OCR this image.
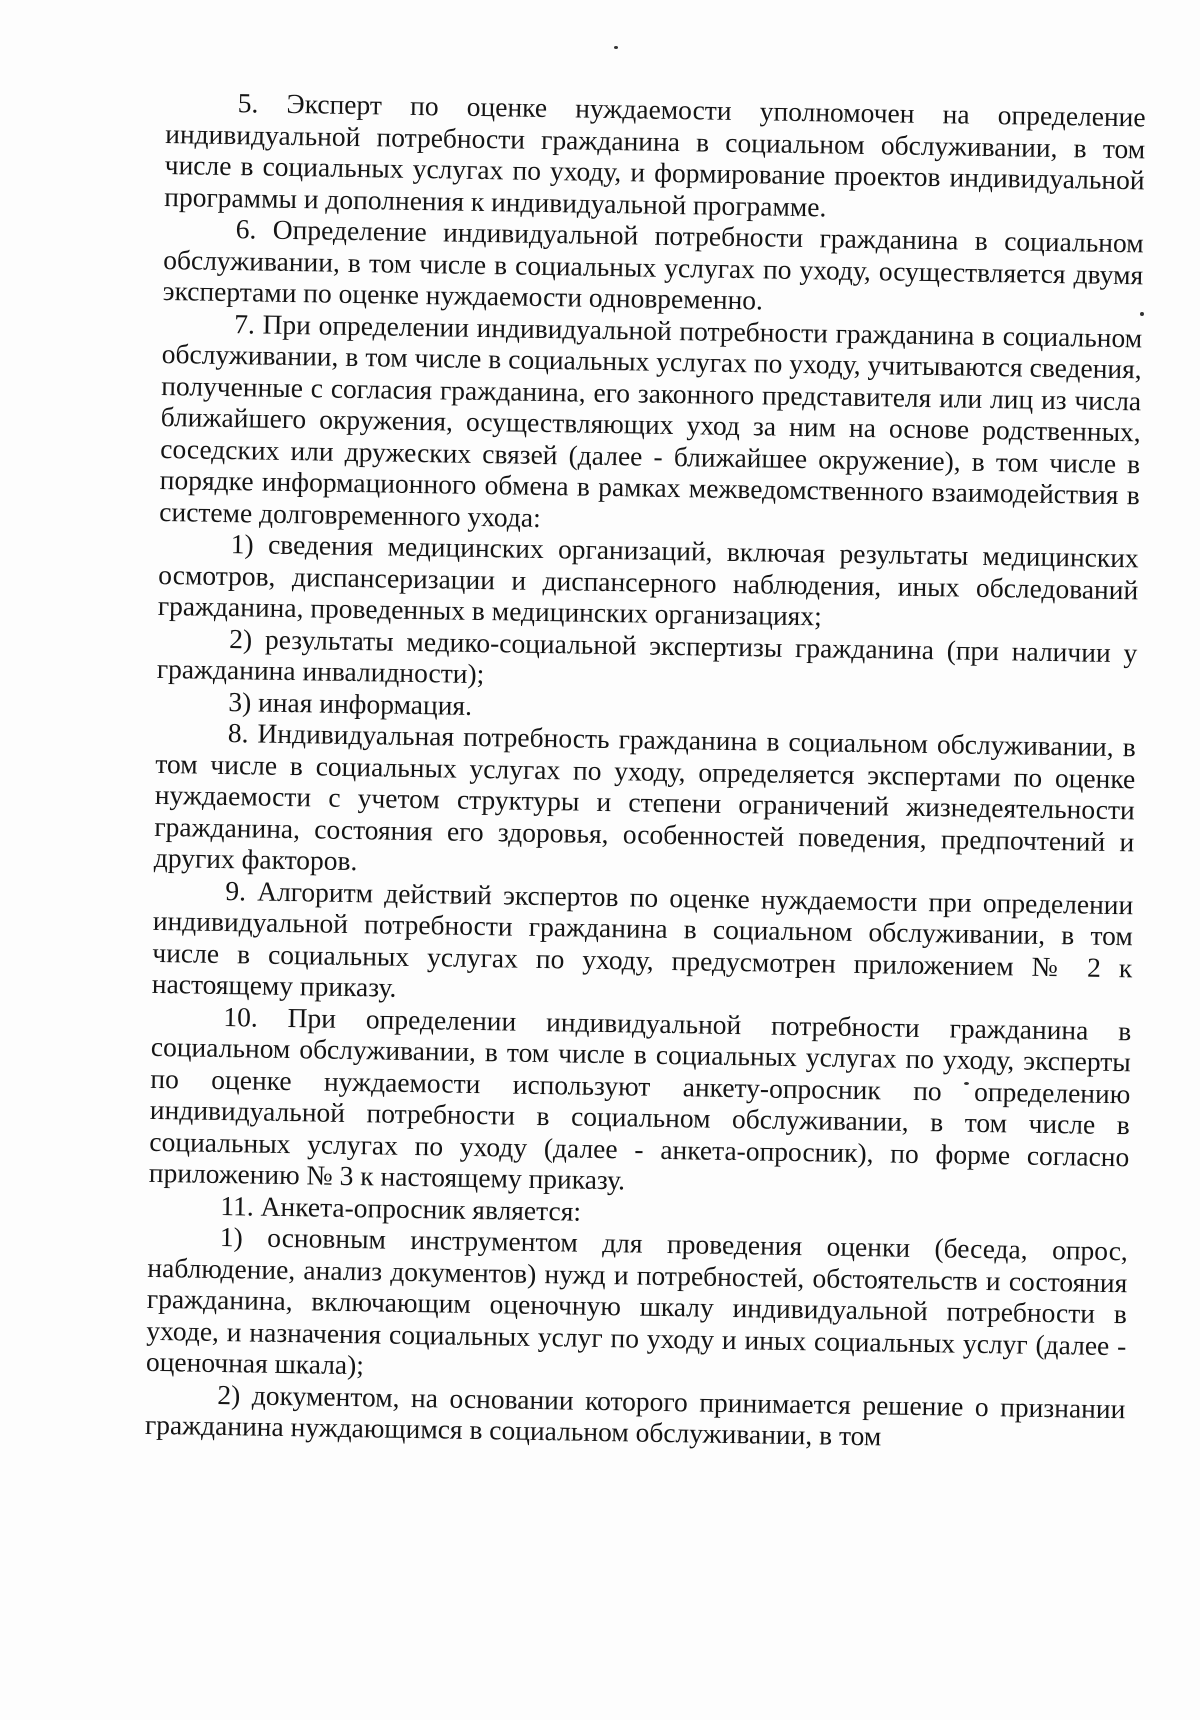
5. Эксперт по оценке нуждаемости уполномочен на определение индивидуальной потребности гражданина в социальном обслуживании, в том числе в социальных услугах по уходу, и формирование проектов индивидуальной программы и дополнения к индивидуальной программе.

6. Определение индивидуальной потребности гражданина в социальном обслуживании, в том числе в социальных услугах по уходу, осуществляется двумя экспертами по оценке нуждаемости одновременно.

7. При определении индивидуальной потребности гражданина в социальном обслуживании, в том числе в социальных услугах по уходу, учитываются сведения, полученные с согласия гражданина, его законного представителя или лиц из числа ближайшего окружения, осуществляющих уход за ним на основе родственных, соседских или дружеских связей (далее - ближайшее окружение), в том числе в порядке информационного обмена в рамках межведомственного взаимодействия в системе долговременного ухода:

1) сведения медицинских организаций, включая результаты медицинских осмотров, диспансеризации и диспансерного наблюдения, иных обследований гражданина, проведенных в медицинских организациях;

2) результаты медико-социальной экспертизы гражданина (при наличии у гражданина инвалидности);

3) иная информация.

8. Индивидуальная потребность гражданина в социальном обслуживании, в том числе в социальных услугах по уходу, определяется экспертами по оценке нуждаемости с учетом структуры и степени ограничений жизнедеятельности гражданина, состояния его здоровья, особенностей поведения, предпочтений и других факторов.

9. Алгоритм действий экспертов по оценке нуждаемости при определении индивидуальной потребности гражданина в социальном обслуживании, в том числе в социальных услугах по уходу, предусмотрен приложением № 2 к настоящему приказу.

10. При определении индивидуальной потребности гражданина в социальном обслуживании, в том числе в социальных услугах по уходу, эксперты по оценке нуждаемости используют анкету-опросник по определению индивидуальной потребности в социальном обслуживании, в том числе в социальных услугах по уходу (далее - анкета-опросник), по форме согласно приложению № 3 к настоящему приказу.

11. Анкета-опросник является:

1) основным инструментом для проведения оценки (беседа, опрос, наблюдение, анализ документов) нужд и потребностей, обстоятельств и состояния гражданина, включающим оценочную шкалу индивидуальной потребности в уходе, и назначения социальных услуг по уходу и иных социальных услуг (далее - оценочная шкала);

2) документом, на основании которого принимается решение о признании гражданина нуждающимся в социальном обслуживании, в том
